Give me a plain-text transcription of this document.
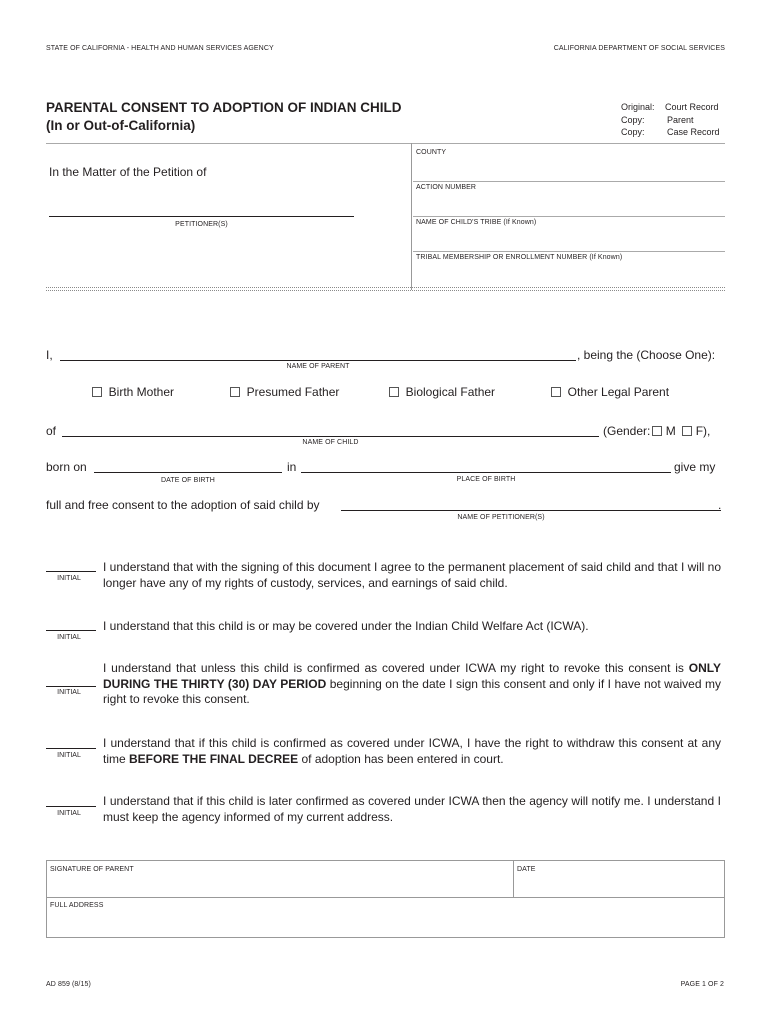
STATE OF CALIFORNIA - HEALTH AND HUMAN SERVICES AGENCY	CALIFORNIA DEPARTMENT OF SOCIAL SERVICES
PARENTAL CONSENT TO ADOPTION OF INDIAN CHILD
(In or Out-of-California)
Original: Court Record
Copy: Parent
Copy: Case Record
In the Matter of the Petition of
PETITIONER(S)
COUNTY
ACTION NUMBER
NAME OF CHILD'S TRIBE (If Known)
TRIBAL MEMBERSHIP OR ENROLLMENT NUMBER (If Known)
I,	, being the (Choose One):
NAME OF PARENT
Birth Mother	Presumed Father	Biological Father	Other Legal Parent
of	(Gender: M F),
NAME OF CHILD
born on	in	give my
DATE OF BIRTH	PLACE OF BIRTH
full and free consent to the adoption of said child by	.
NAME OF PETITIONER(S)
INITIAL
I understand that with the signing of this document I agree to the permanent placement of said child and that I will no longer have any of my rights of custody, services, and earnings of said child.
INITIAL
I understand that this child is or may be covered under the Indian Child Welfare Act (ICWA).
INITIAL
I understand that unless this child is confirmed as covered under ICWA my right to revoke this consent is ONLY DURING THE THIRTY (30) DAY PERIOD beginning on the date I sign this consent and only if I have not waived my right to revoke this consent.
INITIAL
I understand that if this child is confirmed as covered under ICWA, I have the right to withdraw this consent at any time BEFORE THE FINAL DECREE of adoption has been entered in court.
INITIAL
I understand that if this child is later confirmed as covered under ICWA then the agency will notify me. I understand I must keep the agency informed of my current address.
SIGNATURE OF PARENT	DATE
FULL ADDRESS
AD 859 (8/15)	PAGE 1 OF 2
